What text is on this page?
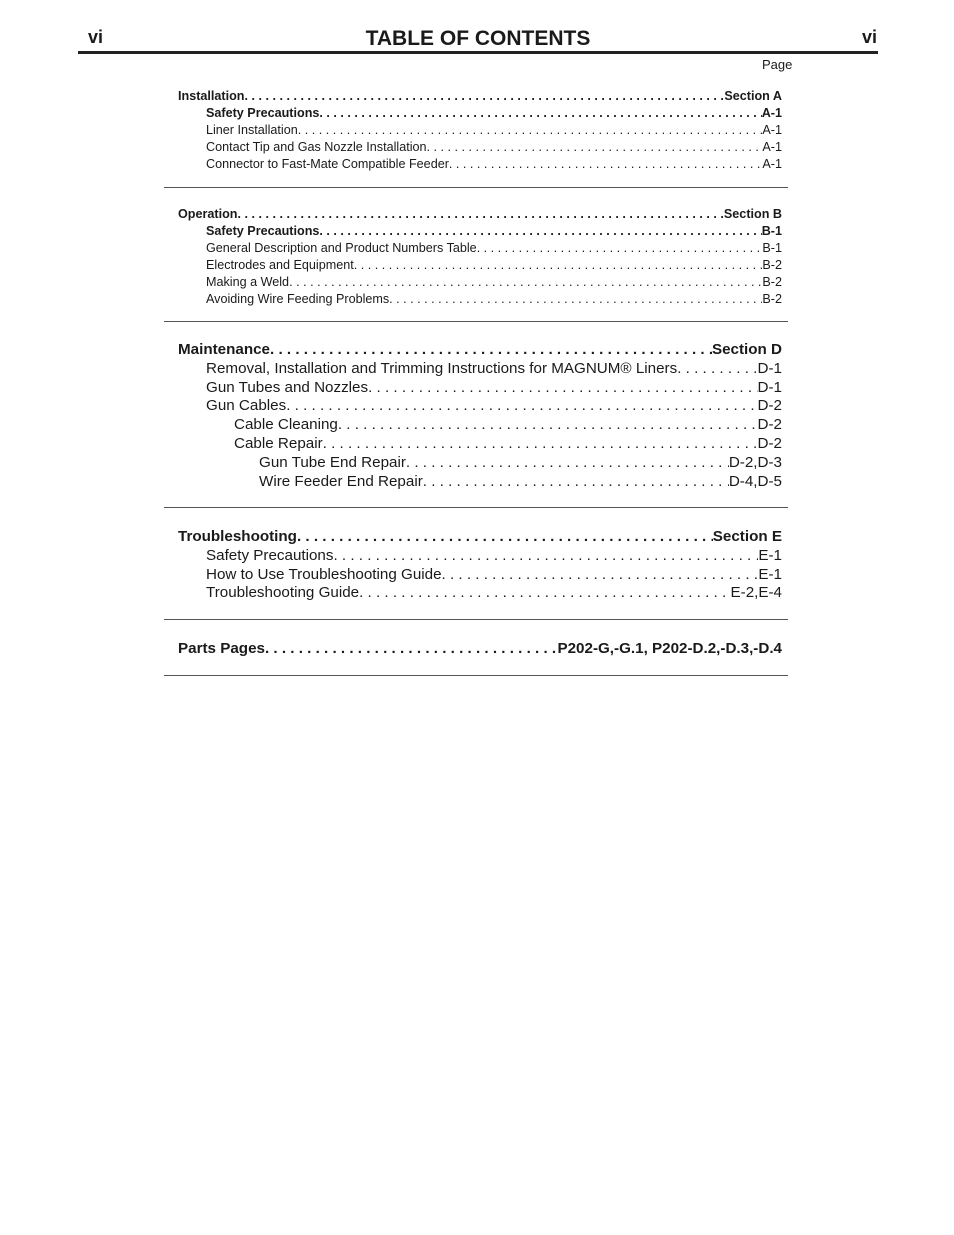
vi	TABLE OF CONTENTS	vi
Page
Installation . . .	Section A
Safety Precautions . . .	A-1
Liner Installation . . .	A-1
Contact Tip and Gas Nozzle Installation . . .	A-1
Connector to Fast-Mate Compatible Feeder . . .	A-1
Operation . . .	Section B
Safety Precautions . . .	B-1
General Description and Product Numbers Table . . .	B-1
Electrodes and Equipment . . .	B-2
Making a Weld . . .	B-2
Avoiding Wire Feeding Problems . . .	B-2
Maintenance . . .	Section D
Removal, Installation and Trimming Instructions for MAGNUM® Liners . . .	D-1
Gun Tubes and Nozzles . . .	D-1
Gun Cables . . .	D-2
Cable Cleaning . . .	D-2
Cable Repair . . .	D-2
Gun Tube End Repair . . .	D-2,D-3
Wire Feeder End Repair . . .	D-4,D-5
Troubleshooting . . .	Section E
Safety Precautions . . .	E-1
How to Use Troubleshooting Guide . . .	E-1
Troubleshooting Guide . . .	E-2,E-4
Parts Pages . . .	P202-G,-G.1, P202-D.2,-D.3,-D.4
